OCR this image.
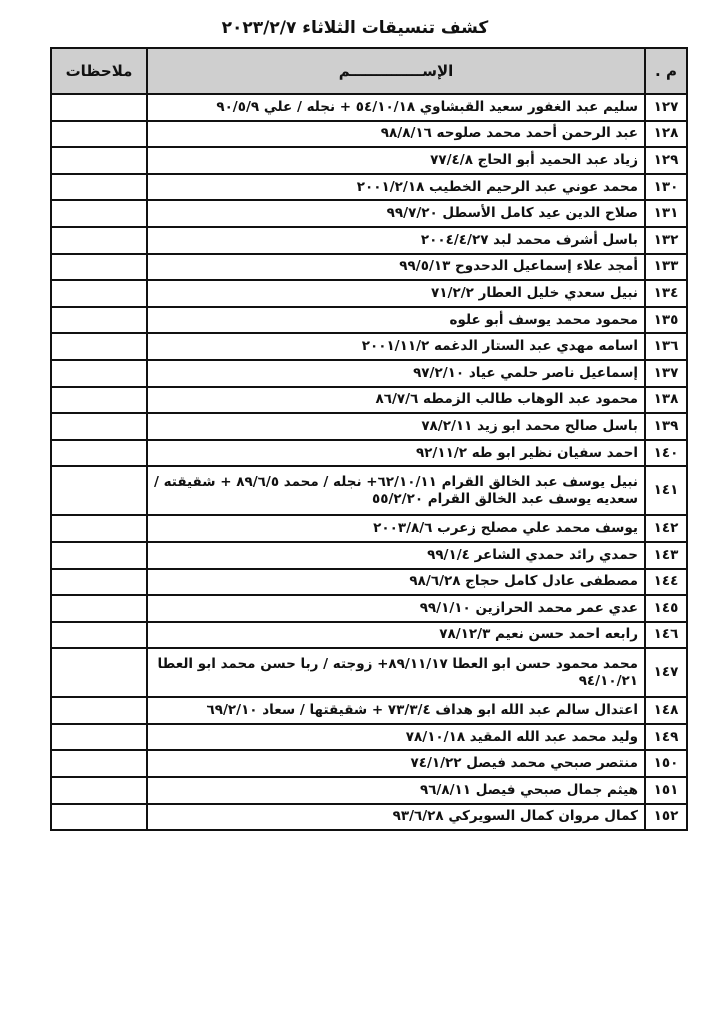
كشف تنسيقات الثلاثاء ٢٠٢٣/٢/٧
م .	الإســــــــــــــم	ملاحظات
١٢٧	سليم عبد الغفور سعيد القبشاوي ٥٤/١٠/١٨ + نجله / علي ٩٠/٥/٩	
١٢٨	عبد الرحمن أحمد محمد صلوحه ٩٨/٨/١٦	
١٢٩	زياد عبد الحميد أبو الحاج ٧٧/٤/٨	
١٣٠	محمد عوني عبد الرحيم الخطيب ٢٠٠١/٢/١٨	
١٣١	صلاح الدين عيد كامل الأسطل ٩٩/٧/٢٠	
١٣٢	باسل أشرف محمد لبد ٢٠٠٤/٤/٢٧	
١٣٣	أمجد علاء إسماعيل الدحدوح ٩٩/٥/١٣	
١٣٤	نبيل سعدي خليل العطار ٧١/٢/٢	
١٣٥	محمود محمد يوسف أبو علوه	
١٣٦	اسامه مهدي عبد الستار الدغمه ٢٠٠١/١١/٢	
١٣٧	إسماعيل ناصر حلمي عياد ٩٧/٢/١٠	
١٣٨	محمود عبد الوهاب طالب الزمطه ٨٦/٧/٦	
١٣٩	باسل صالح محمد ابو زيد ٧٨/٢/١١	
١٤٠	احمد سفيان نظير ابو طه ٩٢/١١/٢	
١٤١	نبيل يوسف عبد الخالق القرام ٦٢/١٠/١١+ نجله / محمد ٨٩/٦/٥ + شقيقته / سعديه يوسف عبد الخالق القرام ٥٥/٢/٢٠	
١٤٢	يوسف محمد علي مصلح زعرب ٢٠٠٣/٨/٦	
١٤٣	حمدي رائد حمدي الشاعر ٩٩/١/٤	
١٤٤	مصطفى عادل كامل حجاج ٩٨/٦/٢٨	
١٤٥	عدي عمر محمد الحرازين ٩٩/١/١٠	
١٤٦	رابعه احمد حسن نعيم ٧٨/١٢/٣	
١٤٧	محمد محمود حسن ابو العطا ٨٩/١١/١٧+ زوجته / ربا حسن محمد ابو العطا ٩٤/١٠/٢١	
١٤٨	اعتدال سالم عبد الله ابو هداف ٧٣/٣/٤ + شقيقتها / سعاد ٦٩/٢/١٠	
١٤٩	وليد محمد عبد الله المقيد ٧٨/١٠/١٨	
١٥٠	منتصر صبحي محمد فيصل ٧٤/١/٢٢	
١٥١	هيثم جمال صبحي فيصل ٩٦/٨/١١	
١٥٢	كمال مروان كمال السويركي ٩٣/٦/٢٨	
